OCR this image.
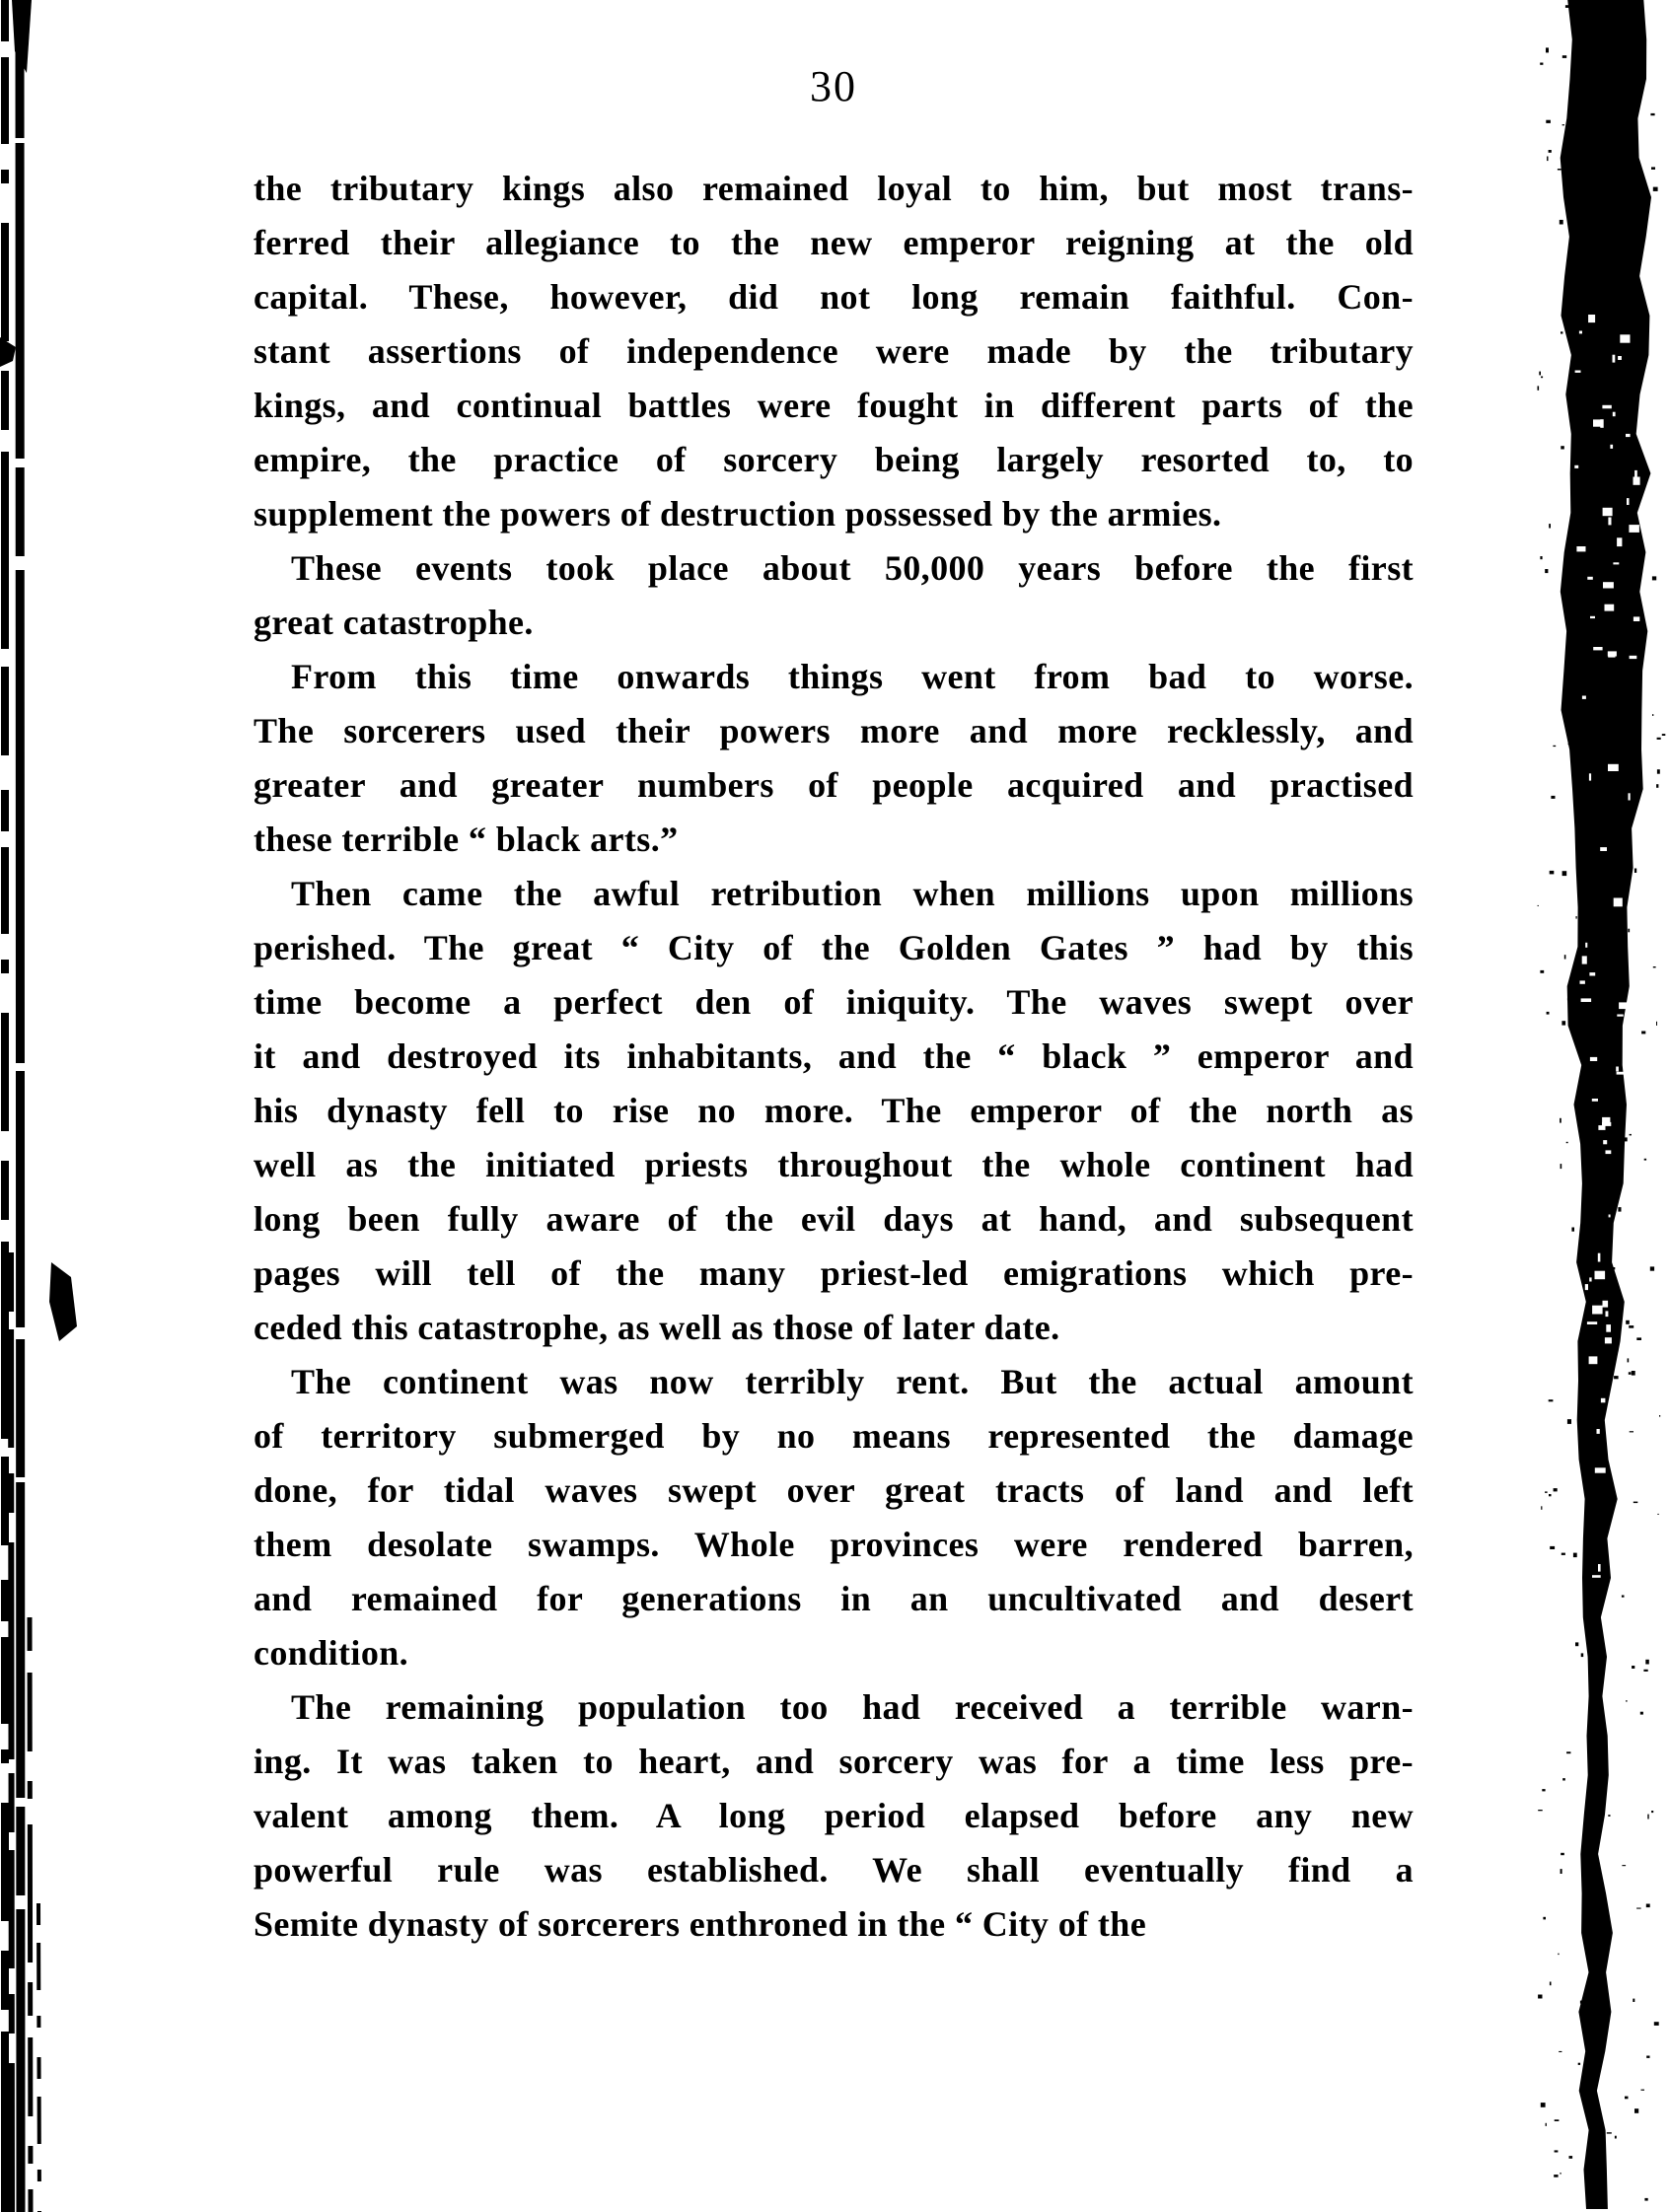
30
the tributary kings also remained loyal to him, but most trans-
ferred their allegiance to the new emperor reigning at the old
capital. These, however, did not long remain faithful. Con-
stant assertions of independence were made by the tributary
kings, and continual battles were fought in different parts of the
empire, the practice of sorcery being largely resorted to, to
supplement the powers of destruction possessed by the armies.
These events took place about 50,000 years before the first
great catastrophe.
From this time onwards things went from bad to worse.
The sorcerers used their powers more and more recklessly, and
greater and greater numbers of people acquired and practised
these terrible “ black arts.”
Then came the awful retribution when millions upon millions
perished. The great “ City of the Golden Gates ” had by this
time become a perfect den of iniquity. The waves swept over
it and destroyed its inhabitants, and the “ black ” emperor and
his dynasty fell to rise no more. The emperor of the north as
well as the initiated priests throughout the whole continent had
long been fully aware of the evil days at hand, and subsequent
pages will tell of the many priest-led emigrations which pre-
ceded this catastrophe, as well as those of later date.
The continent was now terribly rent. But the actual amount
of territory submerged by no means represented the damage
done, for tidal waves swept over great tracts of land and left
them desolate swamps. Whole provinces were rendered barren,
and remained for generations in an uncultivated and desert
condition.
The remaining population too had received a terrible warn-
ing. It was taken to heart, and sorcery was for a time less pre-
valent among them. A long period elapsed before any new
powerful rule was established. We shall eventually find a
Semite dynasty of sorcerers enthroned in the “ City of the
